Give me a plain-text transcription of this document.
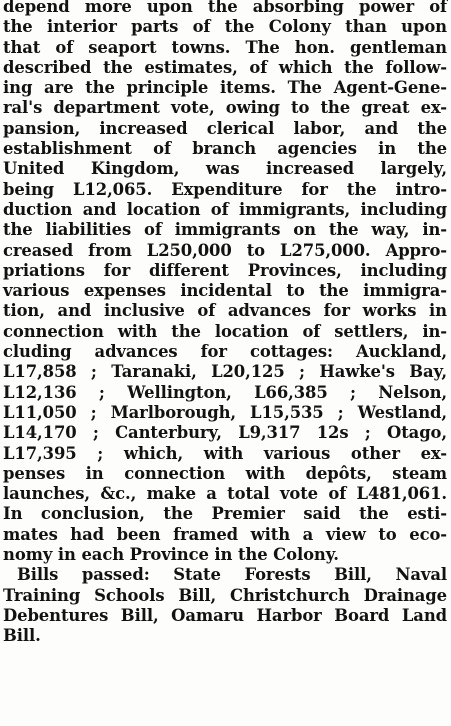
depend more upon the absorbing power of
the interior parts of the Colony than upon
that of seaport towns. The hon. gentleman
described the estimates, of which the follow-
ing are the principle items. The Agent-Gene-
ral's department vote, owing to the great ex-
pansion, increased clerical labor, and the
establishment of branch agencies in the
United Kingdom, was increased largely,
being L12,065. Expenditure for the intro-
duction and location of immigrants, including
the liabilities of immigrants on the way, in-
creased from L250,000 to L275,000. Appro-
priations for different Provinces, including
various expenses incidental to the immigra-
tion, and inclusive of advances for works in
connection with the location of settlers, in-
cluding advances for cottages: Auckland,
L17,858 ; Taranaki, L20,125 ; Hawke's Bay,
L12,136 ; Wellington, L66,385 ; Nelson,
L11,050 ; Marlborough, L15,535 ; Westland,
L14,170 ; Canterbury, L9,317 12s ; Otago,
L17,395 ; which, with various other ex-
penses in connection with depôts, steam
launches, &c., make a total vote of L481,061.
In conclusion, the Premier said the esti-
mates had been framed with a view to eco-
nomy in each Province in the Colony.
Bills passed: State Forests Bill, Naval
Training Schools Bill, Christchurch Drainage
Debentures Bill, Oamaru Harbor Board Land
Bill.
